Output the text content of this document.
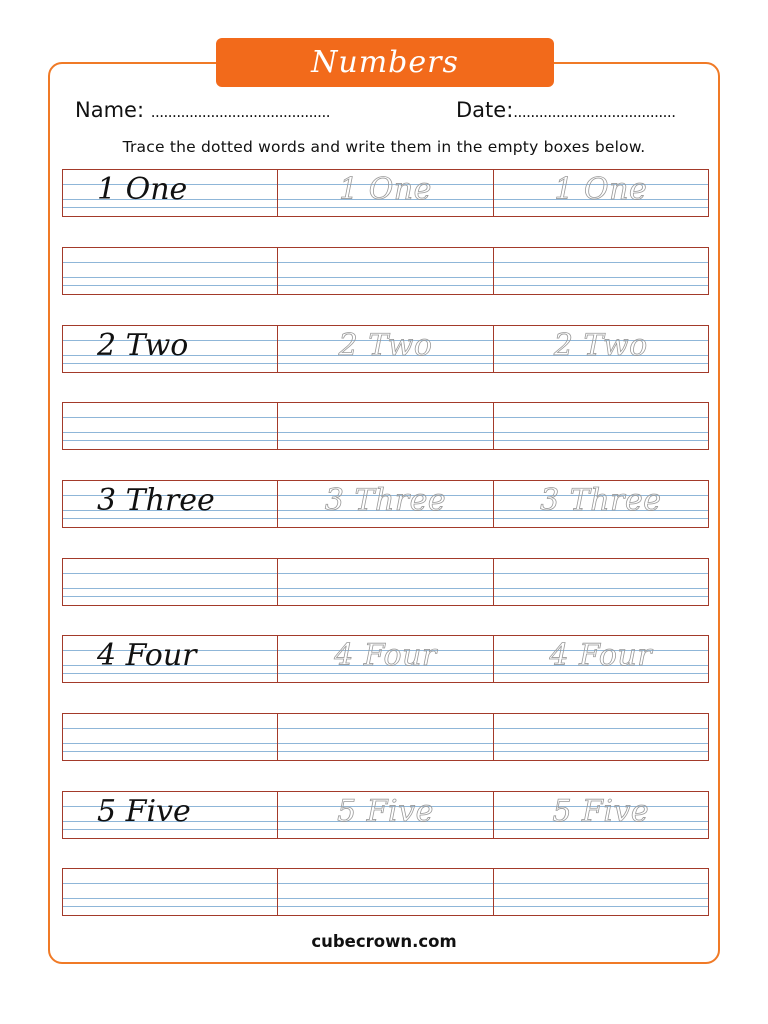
Numbers
Name: ..........................................	Date:......................................
Trace the dotted words and write them in the empty boxes below.
1 One	1 One	1 One
2 Two	2 Two	2 Two
3 Three	3 Three	3 Three
4 Four	4 Four	4 Four
5 Five	5 Five	5 Five
cubecrown.com
